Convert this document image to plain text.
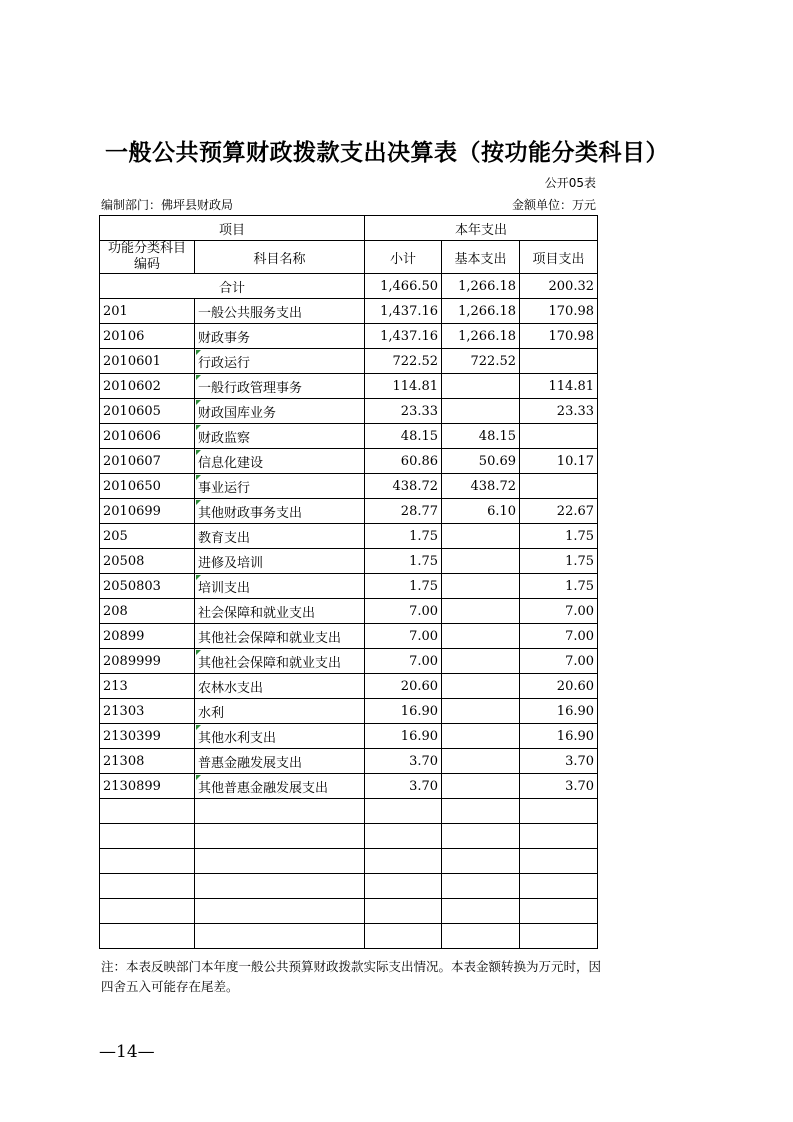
一般公共预算财政拨款支出决算表（按功能分类科目）
公开05表
编制部门：佛坪县财政局	金额单位：万元
项目		本年支出		
功能分类科目编码	科目名称	小计	基本支出	项目支出
合计		1,466.50	1,266.18	200.32
201	一般公共服务支出	1,437.16	1,266.18	170.98
20106	财政事务	1,437.16	1,266.18	170.98
2010601	行政运行	722.52	722.52	
2010602	一般行政管理事务	114.81		114.81
2010605	财政国库业务	23.33		23.33
2010606	财政监察	48.15	48.15	
2010607	信息化建设	60.86	50.69	10.17
2010650	事业运行	438.72	438.72	
2010699	其他财政事务支出	28.77	6.10	22.67
205	教育支出	1.75		1.75
20508	进修及培训	1.75		1.75
2050803	培训支出	1.75		1.75
208	社会保障和就业支出	7.00		7.00
20899	其他社会保障和就业支出	7.00		7.00
2089999	其他社会保障和就业支出	7.00		7.00
213	农林水支出	20.60		20.60
21303	水利	16.90		16.90
2130399	其他水利支出	16.90		16.90
21308	普惠金融发展支出	3.70		3.70
2130899	其他普惠金融发展支出	3.70		3.70

注：本表反映部门本年度一般公共预算财政拨款实际支出情况。本表金额转换为万元时，因四舍五入可能存在尾差。
—14—
